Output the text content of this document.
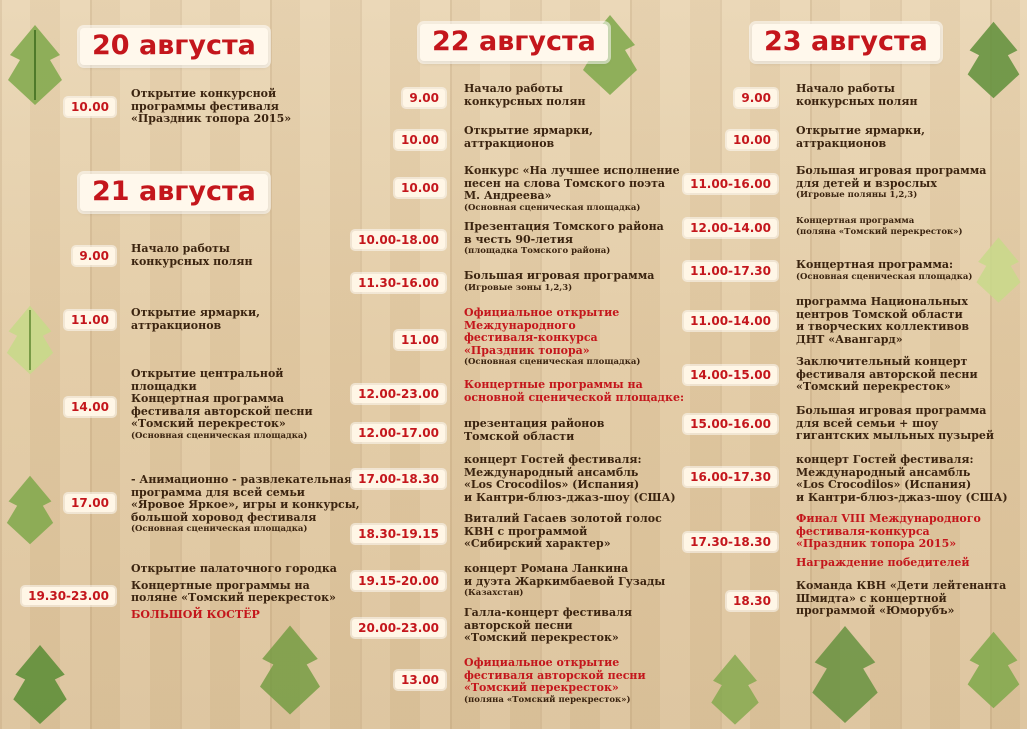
20 августа
10.00
Открытие конкурсной
программы фестиваля
«Праздник топора 2015»
21 августа
9.00
Начало работы
конкурсных полян
11.00
Открытие ярмарки,
аттракционов
14.00
Открытие центральной
площадки
Концертная программа
фестиваля авторской песни
«Томский перекресток»
(Основная сценическая площадка)
17.00
- Анимационно - развлекательная
программа для всей семьи
«Яровое Яркое», игры и конкурсы,
большой хоровод фестиваля
(Основная сценическая площадка)
19.30-23.00
Открытие палаточного городка
Концертные программы на
поляне «Томский перекресток»
БОЛЬШОЙ КОСТЁР
22 августа
9.00
Начало работы
конкурсных полян
10.00
Открытие ярмарки,
аттракционов
10.00
Конкурс «На лучшее исполнение
песен на слова Томского поэта
М. Андреева»
(Основная сценическая площадка)
10.00-18.00
Презентация Томского района
в честь 90-летия
(площадка Томского района)
11.30-16.00
Большая игровая программа
(Игровые зоны 1,2,3)
11.00
Официальное открытие
Международного
фестиваля-конкурса
«Праздник топора»
(Основная сценическая площадка)
12.00-23.00
Концертные программы на
основной сценической площадке:
12.00-17.00
презентация районов
Томской области
17.00-18.30
концерт Гостей фестиваля:
Международный ансамбль
«Los Crocodilos» (Испания)
и Кантри-блюз-джаз-шоу (США)
18.30-19.15
Виталий Гасаев золотой голос
КВН с программой
«Сибирский характер»
19.15-20.00
концерт Романа Ланкина
и дуэта Жаркимбаевой Гузады
(Казахстан)
20.00-23.00
Галла-концерт фестиваля
авторской песни
«Томский перекресток»
13.00
Официальное открытие
фестиваля авторской песни
«Томский перекресток»
(поляна «Томский перекресток»)
23 августа
9.00
Начало работы
конкурсных полян
10.00
Открытие ярмарки,
аттракционов
11.00-16.00
Большая игровая программа
для детей и взрослых
(Игровые поляны 1,2,3)
12.00-14.00	Концертная программа
(поляна «Томский перекресток»)
11.00-17.30	Концертная программа:
(Основная сценическая площадка)
11.00-14.00
программа Национальных
центров Томской области
и творческих коллективов
ДНТ «Авангард»
14.00-15.00
Заключительный концерт
фестиваля авторской песни
«Томский перекресток»
15.00-16.00
Большая игровая программа
для всей семьи + шоу
гигантских мыльных пузырей
16.00-17.30
концерт Гостей фестиваля:
Международный ансамбль
«Los Crocodilos» (Испания)
и Кантри-блюз-джаз-шоу (США)
17.30-18.30
Финал VIII Международного
фестиваля-конкурса
«Праздник топора 2015»
Награждение победителей
18.30
Команда КВН «Дети лейтенанта
Шмидта» с концертной
программой «Юморубъ»
